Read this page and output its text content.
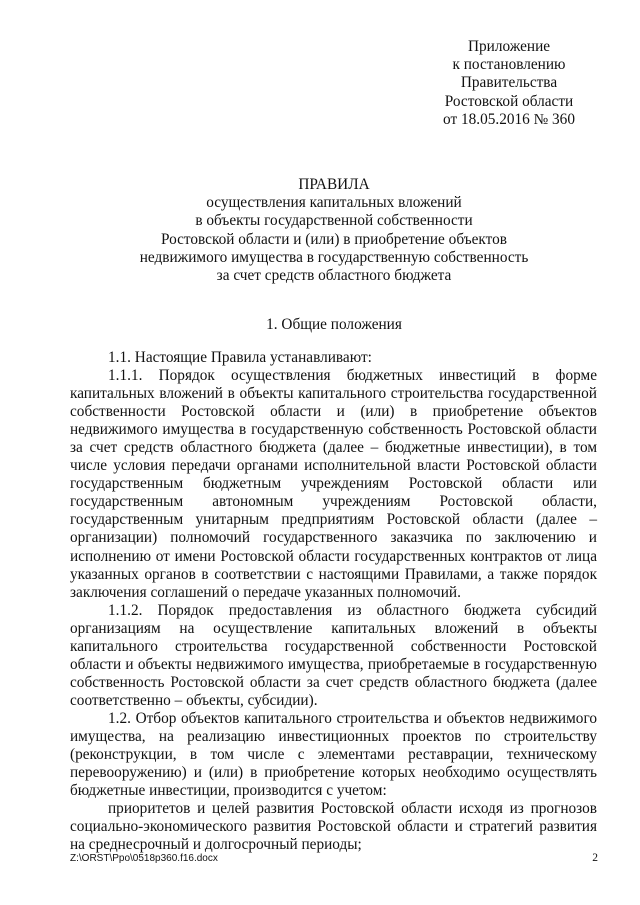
Приложение
к постановлению
Правительства
Ростовской области
от 18.05.2016 № 360
ПРАВИЛА
осуществления капитальных вложений
в объекты государственной собственности
Ростовской области и (или) в приобретение объектов
недвижимого имущества в государственную собственность
за счет средств областного бюджета
1. Общие положения

1.1. Настоящие Правила устанавливают:

1.1.1. Порядок осуществления бюджетных инвестиций в форме капитальных вложений в объекты капитального строительства государственной собственности Ростовской области и (или) в приобретение объектов недвижимого имущества в государственную собственность Ростовской области за счет средств областного бюджета (далее – бюджетные инвестиции), в том числе условия передачи органами исполнительной власти Ростовской области государственным бюджетным учреждениям Ростовской области или государственным автономным учреждениям Ростовской области, государственным унитарным предприятиям Ростовской области (далее – организации) полномочий государственного заказчика по заключению и исполнению от имени Ростовской области государственных контрактов от лица указанных органов в соответствии с настоящими Правилами, а также порядок заключения соглашений о передаче указанных полномочий.

1.1.2. Порядок предоставления из областного бюджета субсидий организациям на осуществление капитальных вложений в объекты капитального строительства государственной собственности Ростовской области и объекты недвижимого имущества, приобретаемые в государственную собственность Ростовской области за счет средств областного бюджета (далее соответственно – объекты, субсидии).

1.2. Отбор объектов капитального строительства и объектов недвижимого имущества, на реализацию инвестиционных проектов по строительству (реконструкции, в том числе с элементами реставрации, техническому перевооружению) и (или) в приобретение которых необходимо осуществлять бюджетные инвестиции, производится с учетом:

приоритетов и целей развития Ростовской области исходя из прогнозов социально-экономического развития Ростовской области и стратегий развития на среднесрочный и долгосрочный периоды;

Z:\ORST\Ppo\0518p360.f16.docx	2
